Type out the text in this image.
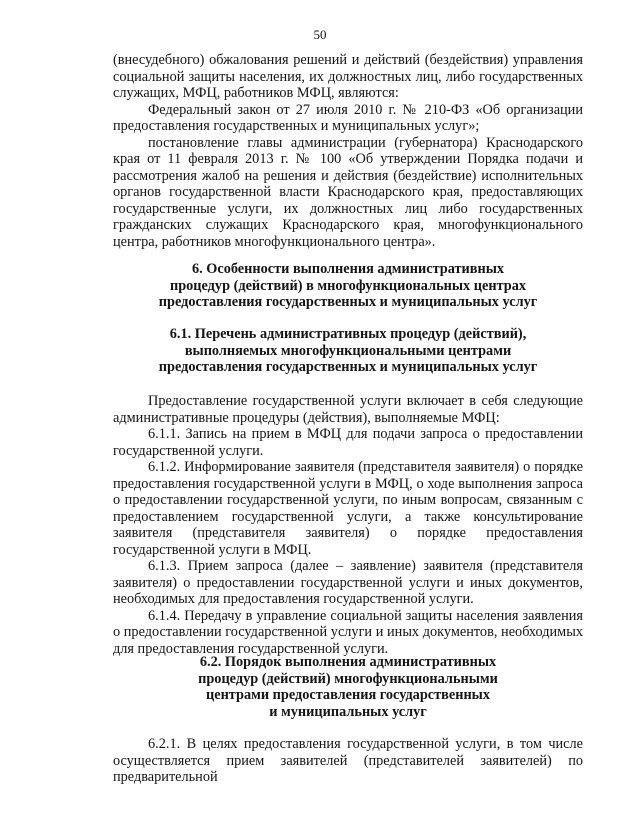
50

(внесудебного) обжалования решений и действий (бездействия) управления социальной защиты населения, их должностных лиц, либо государственных служащих, МФЦ, работников МФЦ, являются:

Федеральный закон от 27 июля 2010 г. № 210-ФЗ «Об организации предоставления государственных и муниципальных услуг»;

постановление главы администрации (губернатора) Краснодарского края от 11 февраля 2013 г. № 100 «Об утверждении Порядка подачи и рассмотрения жалоб на решения и действия (бездействие) исполнительных органов государственной власти Краснодарского края, предоставляющих государственные услуги, их должностных лиц либо государственных гражданских служащих Краснодарского края, многофункционального центра, работников многофункционального центра».

6. Особенности выполнения административных
процедур (действий) в многофункциональных центрах
предоставления государственных и муниципальных услуг
6.1. Перечень административных процедур (действий),
выполняемых многофункциональными центрами
предоставления государственных и муниципальных услуг

Предоставление государственной услуги включает в себя следующие административные процедуры (действия), выполняемые МФЦ:

6.1.1. Запись на прием в МФЦ для подачи запроса о предоставлении государственной услуги.

6.1.2. Информирование заявителя (представителя заявителя) о порядке предоставления государственной услуги в МФЦ, о ходе выполнения запроса о предоставлении государственной услуги, по иным вопросам, связанным с предоставлением государственной услуги, а также консультирование заявителя (представителя заявителя) о порядке предоставления государственной услуги в МФЦ.

6.1.3. Прием запроса (далее – заявление) заявителя (представителя заявителя) о предоставлении государственной услуги и иных документов, необходимых для предоставления государственной услуги.

6.1.4. Передачу в управление социальной защиты населения заявления о предоставлении государственной услуги и иных документов, необходимых для предоставления государственной услуги.

6.2. Порядок выполнения административных
процедур (действий) многофункциональными
центрами предоставления государственных
и муниципальных услуг

6.2.1. В целях предоставления государственной услуги, в том числе осуществляется прием заявителей (представителей заявителей) по предварительной
